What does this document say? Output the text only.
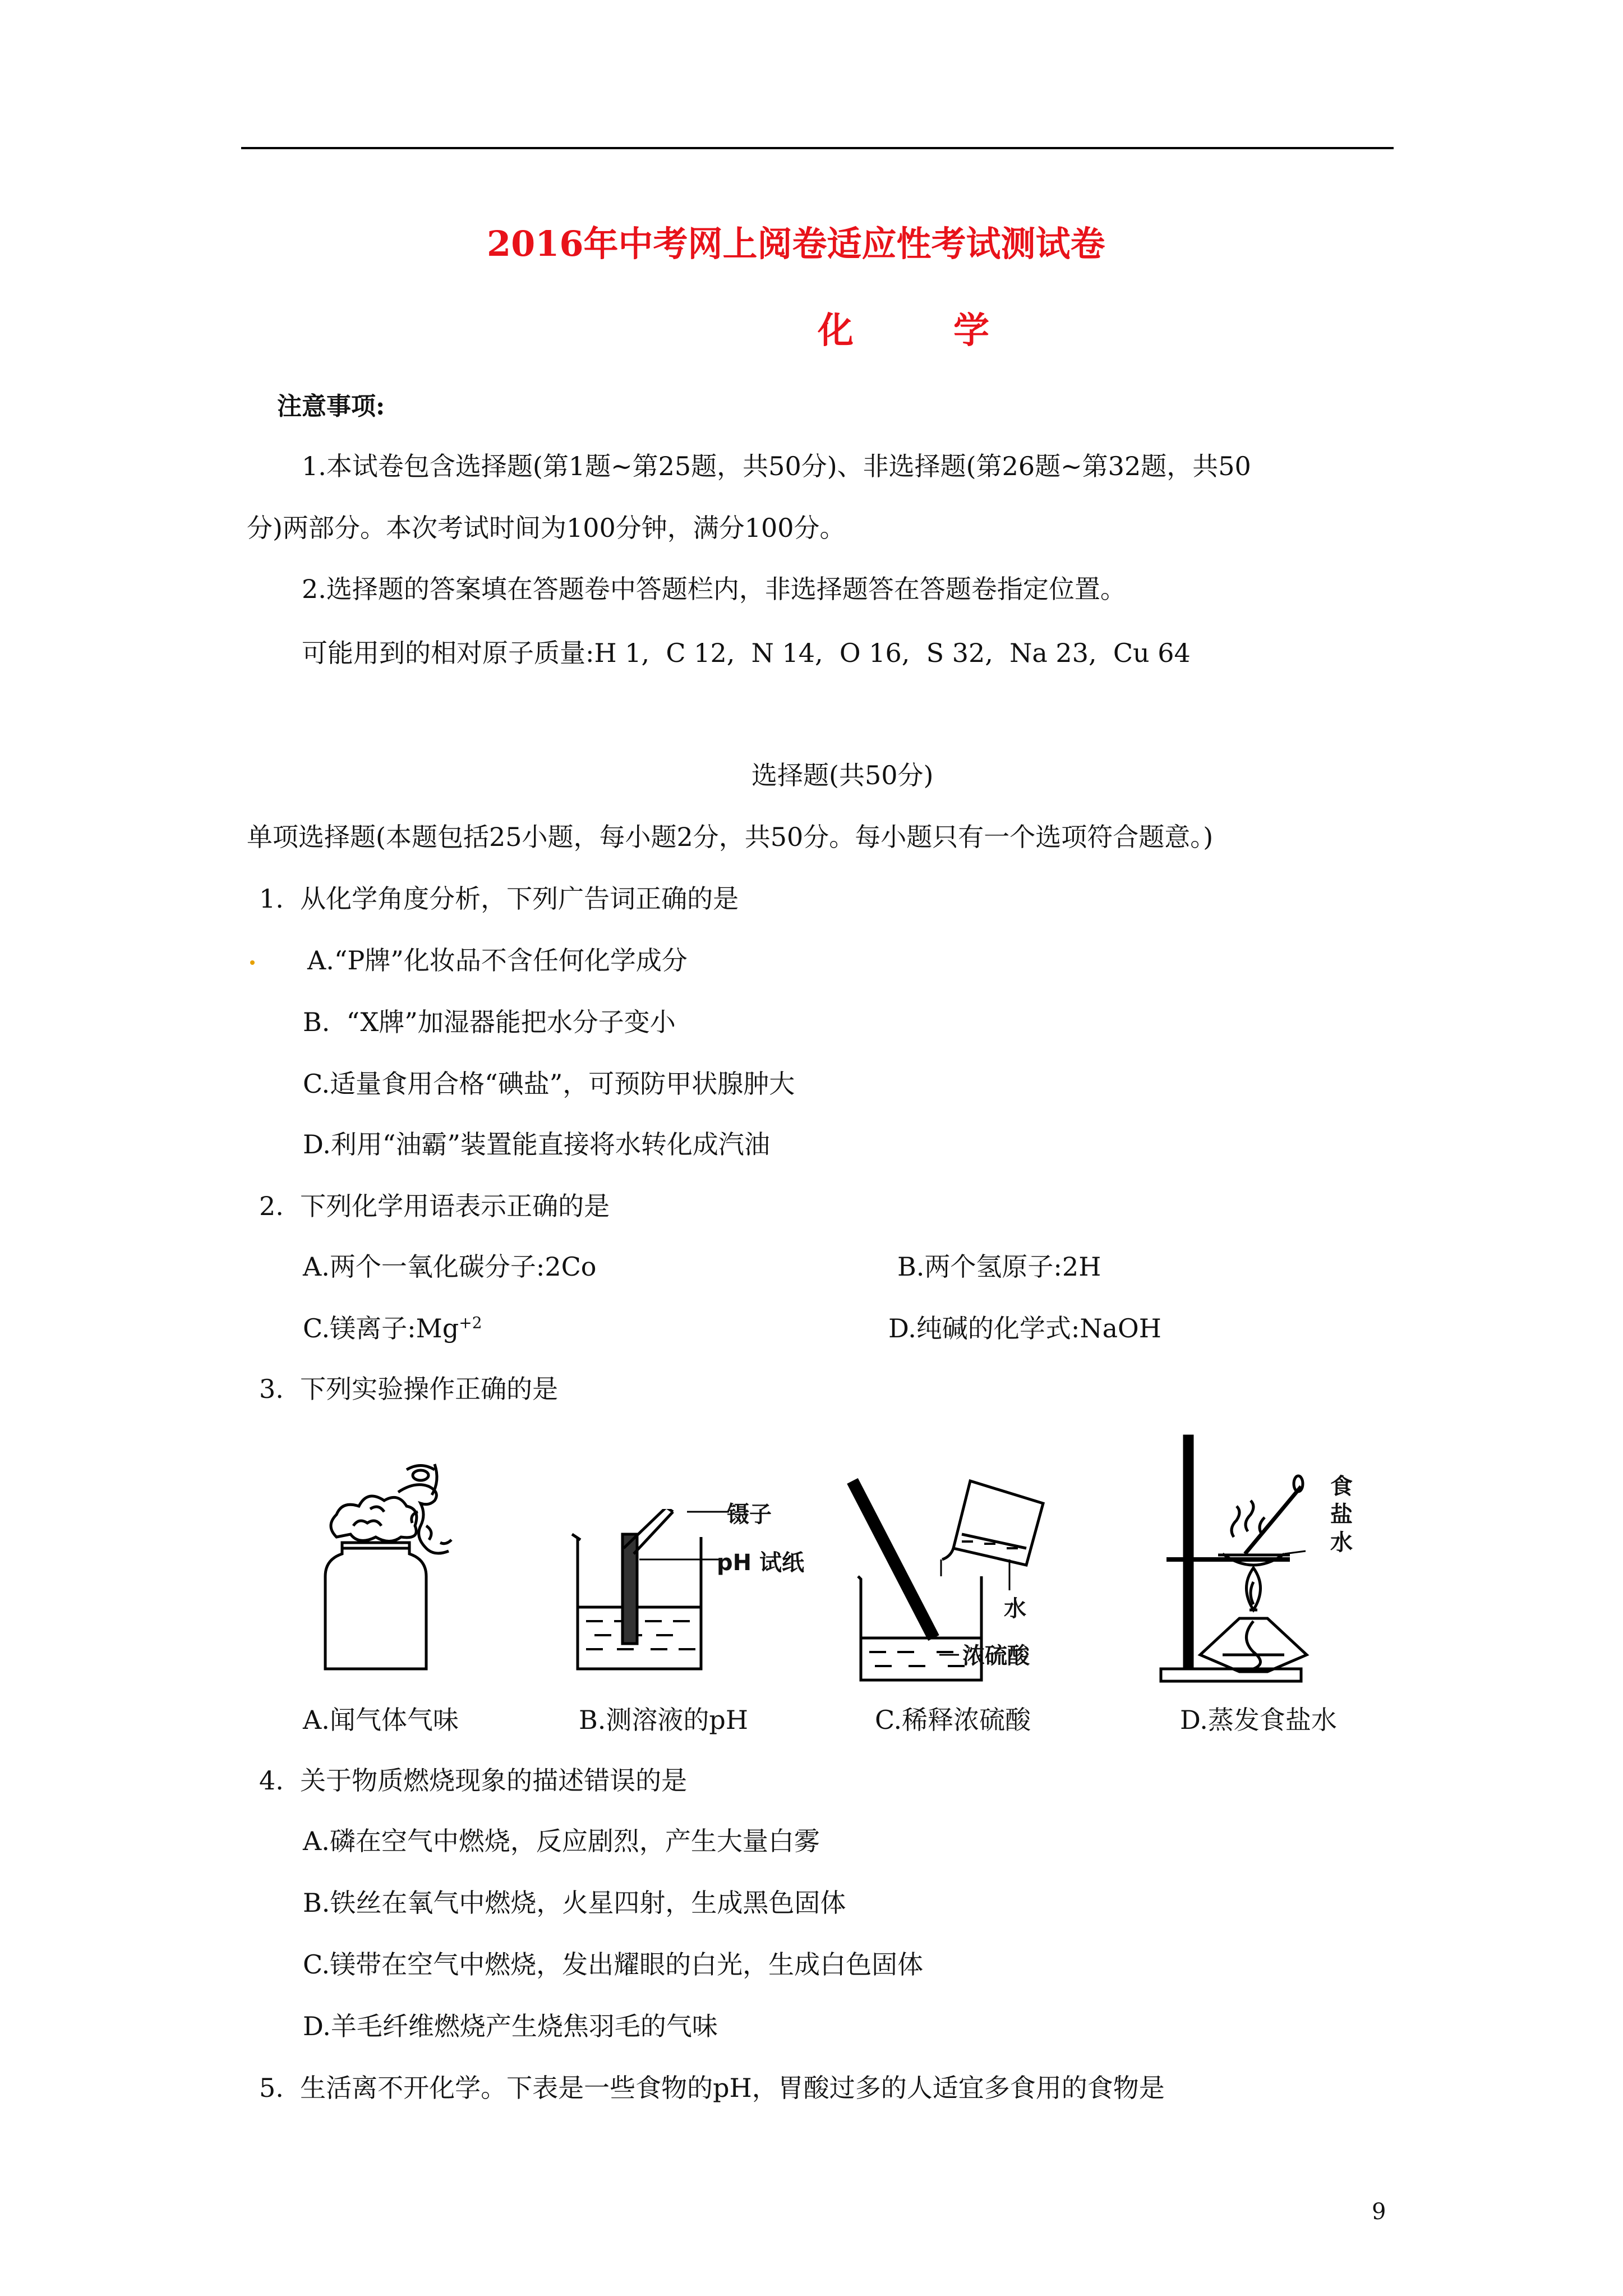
2016年中考网上阅卷适应性考试测试卷
化	学
注意事项:
1.本试卷包含选择题(第1题~第25题，共50分)、非选择题(第26题~第32题，共50
分)两部分。本次考试时间为100分钟，满分100分。
2.选择题的答案填在答题卷中答题栏内，非选择题答在答题卷指定位置。
可能用到的相对原子质量:H 1,  C 12,  N 14,  O 16,  S 32,  Na 23,  Cu 64
选择题(共50分)
单项选择题(本题包括25小题，每小题2分，共50分。每小题只有一个选项符合题意。)
1.  从化学角度分析，下列广告词正确的是
A.“P牌”化妆品不含任何化学成分
B.  “X牌”加湿器能把水分子变小
C.适量食用合格“碘盐”，可预防甲状腺肿大
D.利用“油霸”装置能直接将水转化成汽油
2.  下列化学用语表示正确的是
A.两个一氧化碳分子:2Co	B.两个氢原子:2H
C.镁离子$:Mg^{+2}$	D.纯碱的化学式:NaOH
3.  下列实验操作正确的是
镊子
pH 试纸
水
浓硫酸
食
盐
水
A.闻气体气味	B.测溶液的pH	C.稀释浓硫酸	D.蒸发食盐水
4.  关于物质燃烧现象的描述错误的是
A.磷在空气中燃烧，反应剧烈，产生大量白雾
B.铁丝在氧气中燃烧，火星四射，生成黑色固体
C.镁带在空气中燃烧，发出耀眼的白光，生成白色固体
D.羊毛纤维燃烧产生烧焦羽毛的气味
5.  生活离不开化学。下表是一些食物的pH，胃酸过多的人适宜多食用的食物是
9
